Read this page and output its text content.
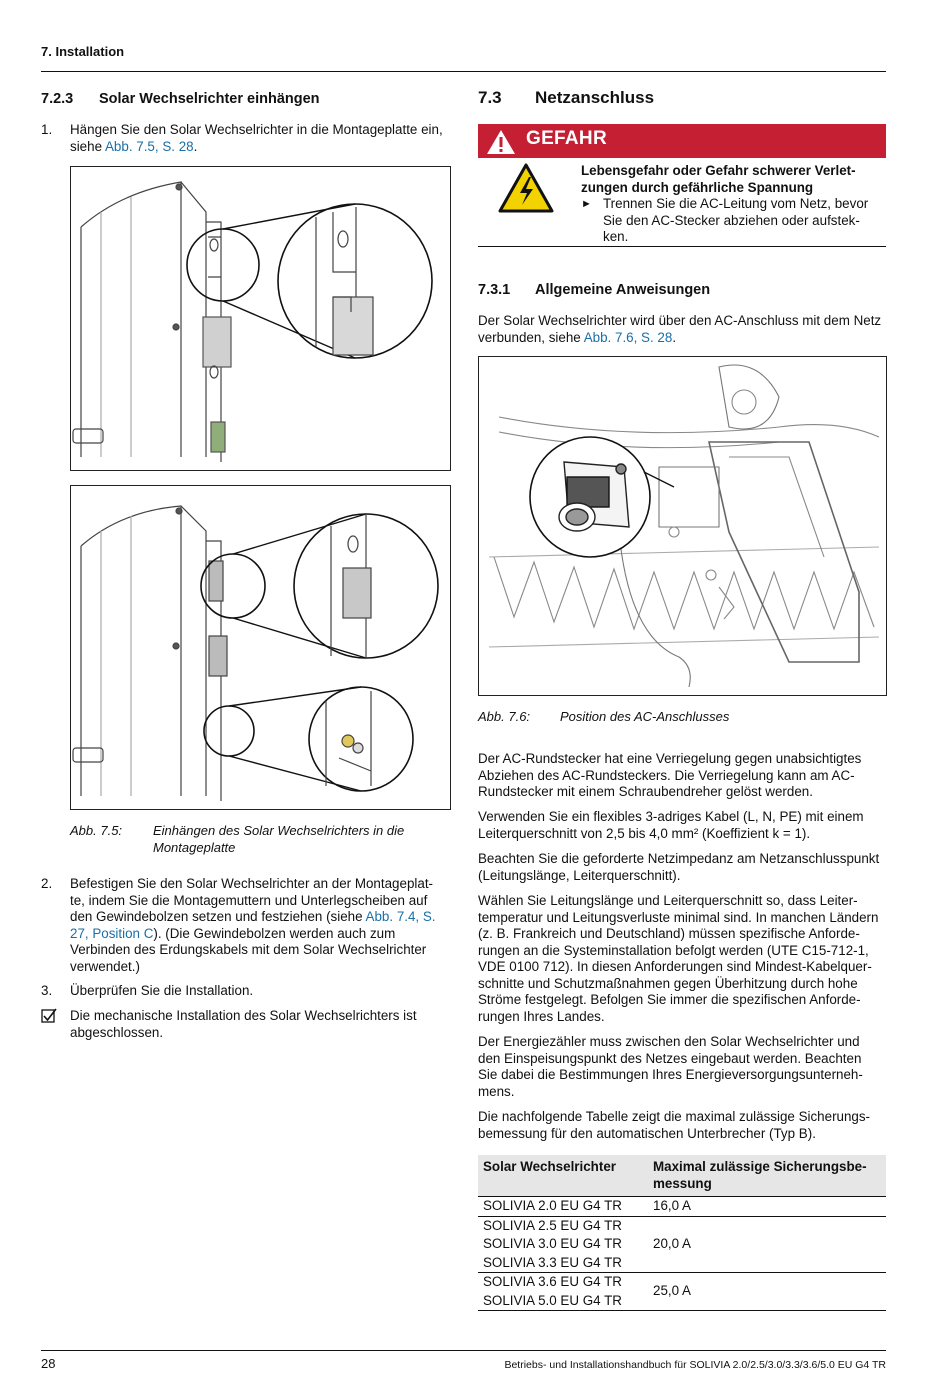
7. Installation
7.2.3 Solar Wechselrichter einhängen
1. Hängen Sie den Solar Wechselrichter in die Montageplatte ein, siehe Abb. 7.5, S. 28.

Abb. 7.5: Einhängen des Solar Wechselrichters in die Montageplatte

2. Befestigen Sie den Solar Wechselrichter an der Montageplat-te, indem Sie die Montagemuttern und Unterlegscheiben auf den Gewindebolzen setzen und festziehen (siehe Abb. 7.4, S. 27, Position C). (Die Gewindebolzen werden auch zum Verbinden des Erdungskabels mit dem Solar Wechselrichter verwendet.)

3. Überprüfen Sie die Installation.

Die mechanische Installation des Solar Wechselrichters ist abgeschlossen.

7.3 Netzanschluss
GEFAHR

Lebensgefahr oder Gefahr schwerer Verlet-zungen durch gefährliche Spannung

► Trennen Sie die AC-Leitung vom Netz, bevor Sie den AC-Stecker abziehen oder aufstek-ken.

7.3.1 Allgemeine Anweisungen

Der Solar Wechselrichter wird über den AC-Anschluss mit dem Netz verbunden, siehe Abb. 7.6, S. 28.

Abb. 7.6: Position des AC-Anschlusses

Der AC-Rundstecker hat eine Verriegelung gegen unabsichtigtes Abziehen des AC-Rundsteckers. Die Verriegelung kann am AC-Rundstecker mit einem Schraubendreher gelöst werden.

Verwenden Sie ein flexibles 3-adriges Kabel (L, N, PE) mit einem Leiterquerschnitt von 2,5 bis 4,0 mm² (Koeffizient k = 1).

Beachten Sie die geforderte Netzimpedanz am Netzanschlusspunkt (Leitungslänge, Leiterquerschnitt).

Wählen Sie Leitungslänge und Leiterquerschnitt so, dass Leiter-temperatur und Leitungsverluste minimal sind. In manchen Ländern (z. B. Frankreich und Deutschland) müssen spezifische Anforde-rungen an die Systeminstallation befolgt werden (UTE C15-712-1, VDE 0100 712). In diesen Anforderungen sind Mindest-Kabelquer-schnitte und Schutzmaßnahmen gegen Überhitzung durch hohe Ströme festgelegt. Befolgen Sie immer die spezifischen Anforde-rungen Ihres Landes.

Der Energiezähler muss zwischen den Solar Wechselrichter und den Einspeisungspunkt des Netzes eingebaut werden. Beachten Sie dabei die Bestimmungen Ihres Energieversorgungsunterneh-mens.

Die nachfolgende Tabelle zeigt die maximal zulässige Sicherungs-bemessung für den automatischen Unterbrecher (Typ B).

Solar Wechselrichter	Maximal zulässige Sicherungsbe-messung
SOLIVIA 2.0 EU G4 TR	16,0 A
SOLIVIA 2.5 EU G4 TR	20,0 A
SOLIVIA 3.0 EU G4 TR	
SOLIVIA 3.3 EU G4 TR	
SOLIVIA 3.6 EU G4 TR	25,0 A
SOLIVIA 5.0 EU G4 TR	
28	Betriebs- und Installationshandbuch für SOLIVIA 2.0/2.5/3.0/3.3/3.6/5.0 EU G4 TR
